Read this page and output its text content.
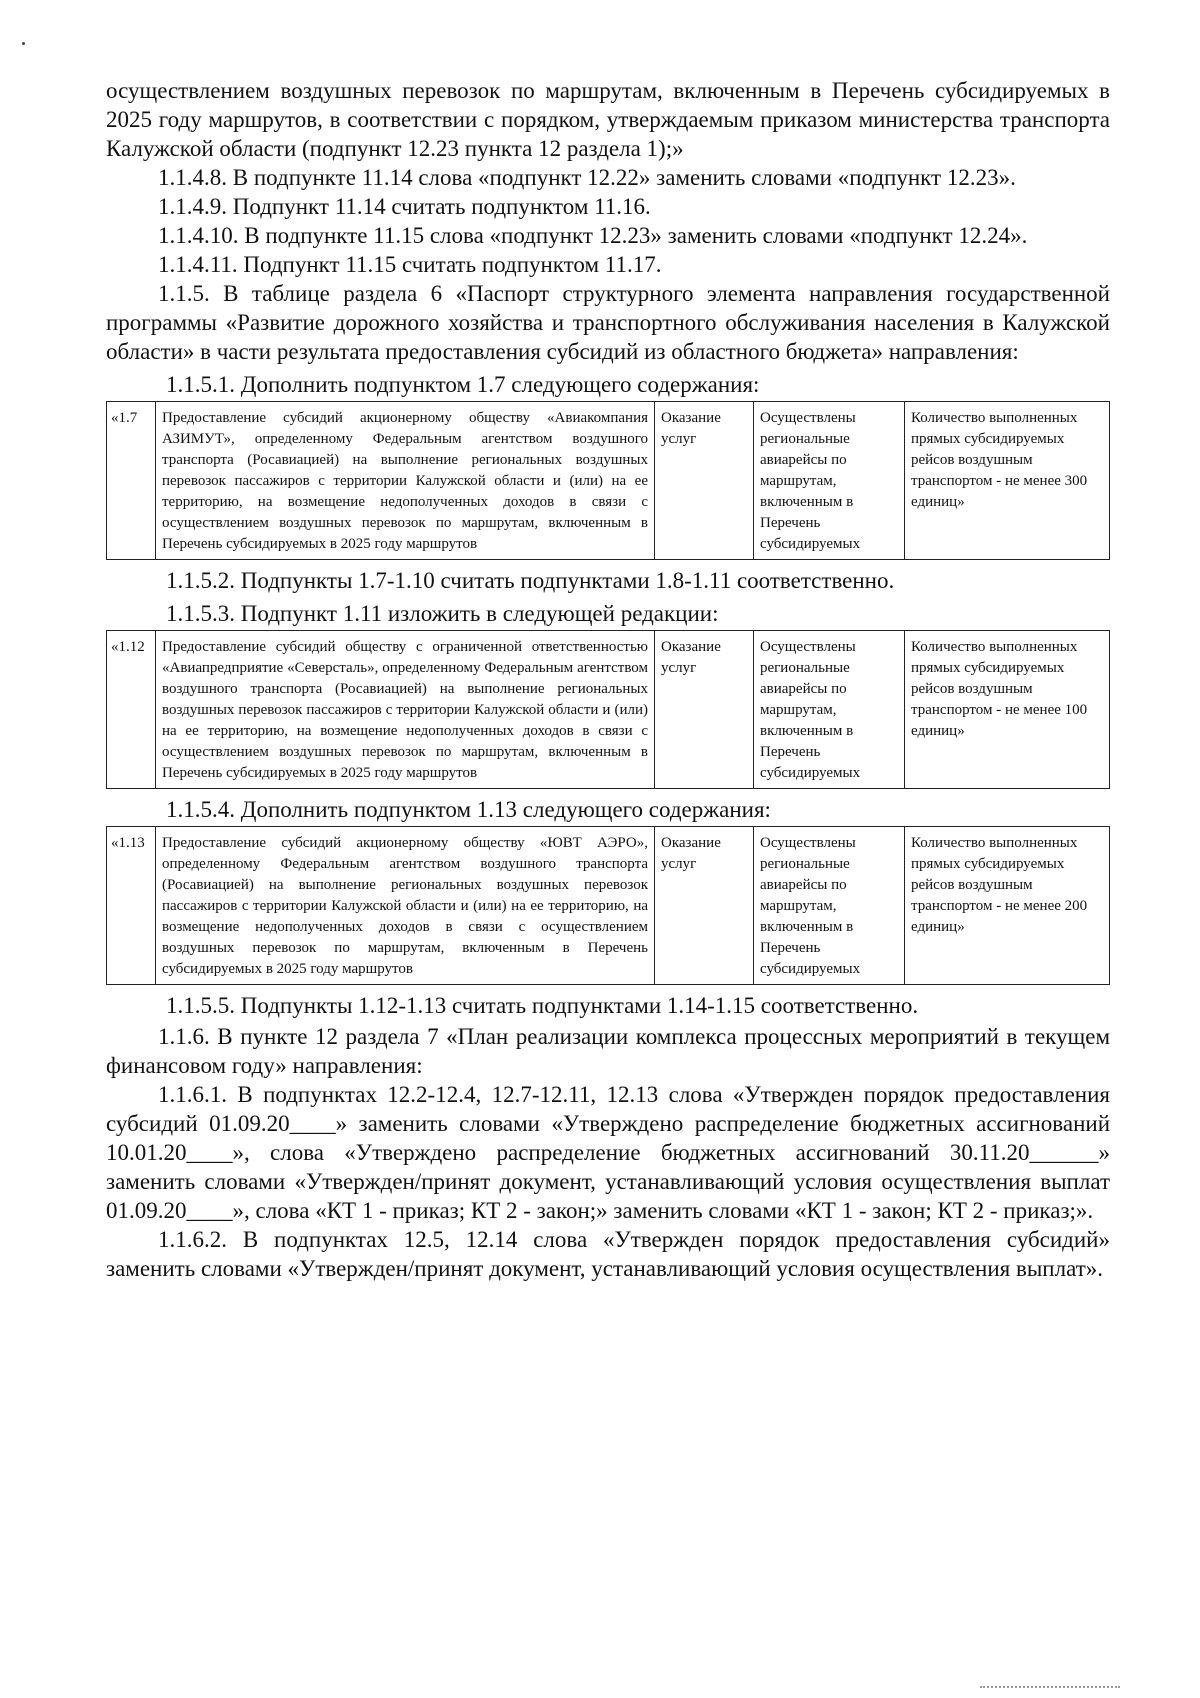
осуществлением воздушных перевозок по маршрутам, включенным в Перечень субсидируемых в 2025 году маршрутов, в соответствии с порядком, утверждаемым приказом министерства транспорта Калужской области (подпункт 12.23 пункта 12 раздела 1);»

1.1.4.8. В подпункте 11.14 слова «подпункт 12.22» заменить словами «подпункт 12.23».

1.1.4.9. Подпункт 11.14 считать подпунктом 11.16.

1.1.4.10. В подпункте 11.15 слова «подпункт 12.23» заменить словами «подпункт 12.24».

1.1.4.11. Подпункт 11.15 считать подпунктом 11.17.

1.1.5. В таблице раздела 6 «Паспорт структурного элемента направления государственной программы «Развитие дорожного хозяйства и транспортного обслуживания населения в Калужской области» в части результата предоставления субсидий из областного бюджета» направления:

1.1.5.1. Дополнить подпунктом 1.7 следующего содержания:

«1.7	Предоставление субсидий акционерному обществу «Авиакомпания АЗИМУТ», определенному Федеральным агентством воздушного транспорта (Росавиацией) на выполнение региональных воздушных перевозок пассажиров с территории Калужской области и (или) на ее территорию, на возмещение недополученных доходов в связи с осуществлением воздушных перевозок по маршрутам, включенным в Перечень субсидируемых в 2025 году маршрутов	Оказание услуг	Осуществлены региональные авиарейсы по маршрутам, включенным в Перечень субсидируемых	Количество выполненных прямых субсидируемых рейсов воздушным транспортом - не менее 300 единиц»

1.1.5.2. Подпункты 1.7-1.10 считать подпунктами 1.8-1.11 соответственно.

1.1.5.3. Подпункт 1.11 изложить в следующей редакции:

«1.12	Предоставление субсидий обществу с ограниченной ответственностью «Авиапредприятие «Северсталь», определенному Федеральным агентством воздушного транспорта (Росавиацией) на выполнение региональных воздушных перевозок пассажиров с территории Калужской области и (или) на ее территорию, на возмещение недополученных доходов в связи с осуществлением воздушных перевозок по маршрутам, включенным в Перечень субсидируемых в 2025 году маршрутов	Оказание услуг	Осуществлены региональные авиарейсы по маршрутам, включенным в Перечень субсидируемых	Количество выполненных прямых субсидируемых рейсов воздушным транспортом - не менее 100 единиц»

1.1.5.4. Дополнить подпунктом 1.13 следующего содержания:

«1.13	Предоставление субсидий акционерному обществу «ЮВТ АЭРО», определенному Федеральным агентством воздушного транспорта (Росавиацией) на выполнение региональных воздушных перевозок пассажиров с территории Калужской области и (или) на ее территорию, на возмещение недополученных доходов в связи с осуществлением воздушных перевозок по маршрутам, включенным в Перечень субсидируемых в 2025 году маршрутов	Оказание услуг	Осуществлены региональные авиарейсы по маршрутам, включенным в Перечень субсидируемых	Количество выполненных прямых субсидируемых рейсов воздушным транспортом - не менее 200 единиц»

1.1.5.5. Подпункты 1.12-1.13 считать подпунктами 1.14-1.15 соответственно.

1.1.6. В пункте 12 раздела 7 «План реализации комплекса процессных мероприятий в текущем финансовом году» направления:

1.1.6.1. В подпунктах 12.2-12.4, 12.7-12.11, 12.13 слова «Утвержден порядок предоставления субсидий 01.09.20____» заменить словами «Утверждено распределение бюджетных ассигнований 10.01.20____», слова «Утверждено распределение бюджетных ассигнований 30.11.20______» заменить словами «Утвержден/принят документ, устанавливающий условия осуществления выплат 01.09.20____», слова «КТ 1 - приказ; КТ 2 - закон;» заменить словами «КТ 1 - закон; КТ 2 - приказ;».

1.1.6.2. В подпунктах 12.5, 12.14 слова «Утвержден порядок предоставления субсидий» заменить словами «Утвержден/принят документ, устанавливающий условия осуществления выплат».
